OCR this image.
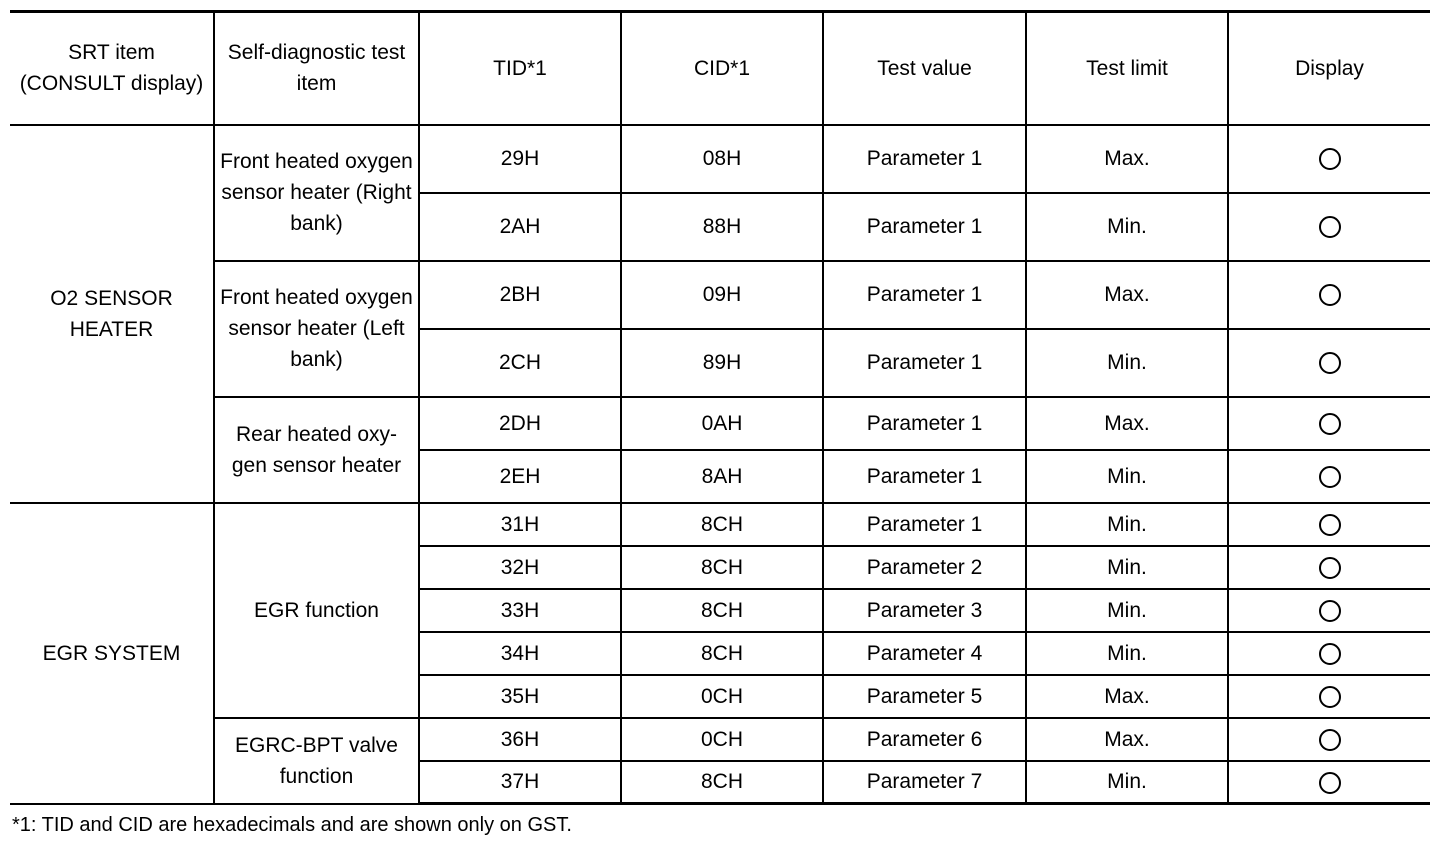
SRT item (CONSULT display)	Self-diagnostic test item	TID*1	CID*1	Test value	Test limit	Display
O2 SENSOR HEATER	Front heated oxygen sensor heater (Right bank)	29H	08H	Parameter 1	Max.	
		2AH	88H	Parameter 1	Min.	
	Front heated oxygen sensor heater (Left bank)	2BH	09H	Parameter 1	Max.	
		2CH	89H	Parameter 1	Min.	
	Rear heated oxy-gen sensor heater	2DH	0AH	Parameter 1	Max.	
		2EH	8AH	Parameter 1	Min.	
EGR SYSTEM	EGR function	31H	8CH	Parameter 1	Min.	
		32H	8CH	Parameter 2	Min.	
		33H	8CH	Parameter 3	Min.	
		34H	8CH	Parameter 4	Min.	
		35H	0CH	Parameter 5	Max.	
	EGRC-BPT valve function	36H	0CH	Parameter 6	Max.	
		37H	8CH	Parameter 7	Min.	
*1: TID and CID are hexadecimals and are shown only on GST.
